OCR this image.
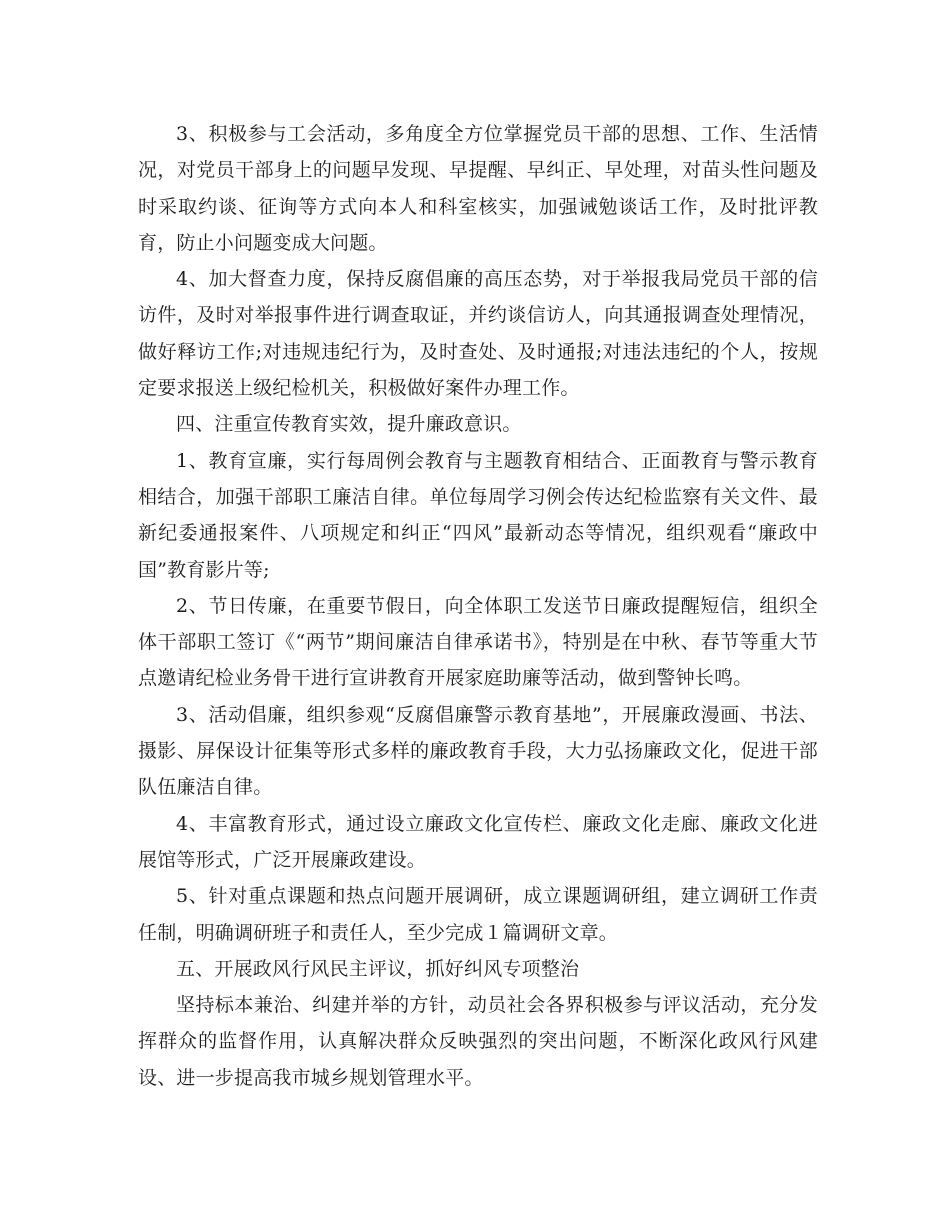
3、积极参与工会活动，多角度全方位掌握党员干部的思想、工作、生活情况，对党员干部身上的问题早发现、早提醒、早纠正、早处理，对苗头性问题及时采取约谈、征询等方式向本人和科室核实，加强诫勉谈话工作，及时批评教育，防止小问题变成大问题。

4、加大督查力度，保持反腐倡廉的高压态势，对于举报我局党员干部的信访件，及时对举报事件进行调查取证，并约谈信访人，向其通报调查处理情况，做好释访工作;对违规违纪行为，及时查处、及时通报;对违法违纪的个人，按规定要求报送上级纪检机关，积极做好案件办理工作。

四、注重宣传教育实效，提升廉政意识。

1、教育宣廉，实行每周例会教育与主题教育相结合、正面教育与警示教育相结合，加强干部职工廉洁自律。单位每周学习例会传达纪检监察有关文件、最新纪委通报案件、八项规定和纠正“四风”最新动态等情况，组织观看“廉政中国”教育影片等;

2、节日传廉，在重要节假日，向全体职工发送节日廉政提醒短信，组织全体干部职工签订《“两节”期间廉洁自律承诺书》，特别是在中秋、春节等重大节点邀请纪检业务骨干进行宣讲教育开展家庭助廉等活动，做到警钟长鸣。

3、活动倡廉，组织参观“反腐倡廉警示教育基地”，开展廉政漫画、书法、摄影、屏保设计征集等形式多样的廉政教育手段，大力弘扬廉政文化，促进干部队伍廉洁自律。

4、丰富教育形式，通过设立廉政文化宣传栏、廉政文化走廊、廉政文化进展馆等形式，广泛开展廉政建设。

5、针对重点课题和热点问题开展调研，成立课题调研组，建立调研工作责任制，明确调研班子和责任人，至少完成１篇调研文章。

五、开展政风行风民主评议，抓好纠风专项整治

坚持标本兼治、纠建并举的方针，动员社会各界积极参与评议活动，充分发挥群众的监督作用，认真解决群众反映强烈的突出问题，不断深化政风行风建设、进一步提高我市城乡规划管理水平。
